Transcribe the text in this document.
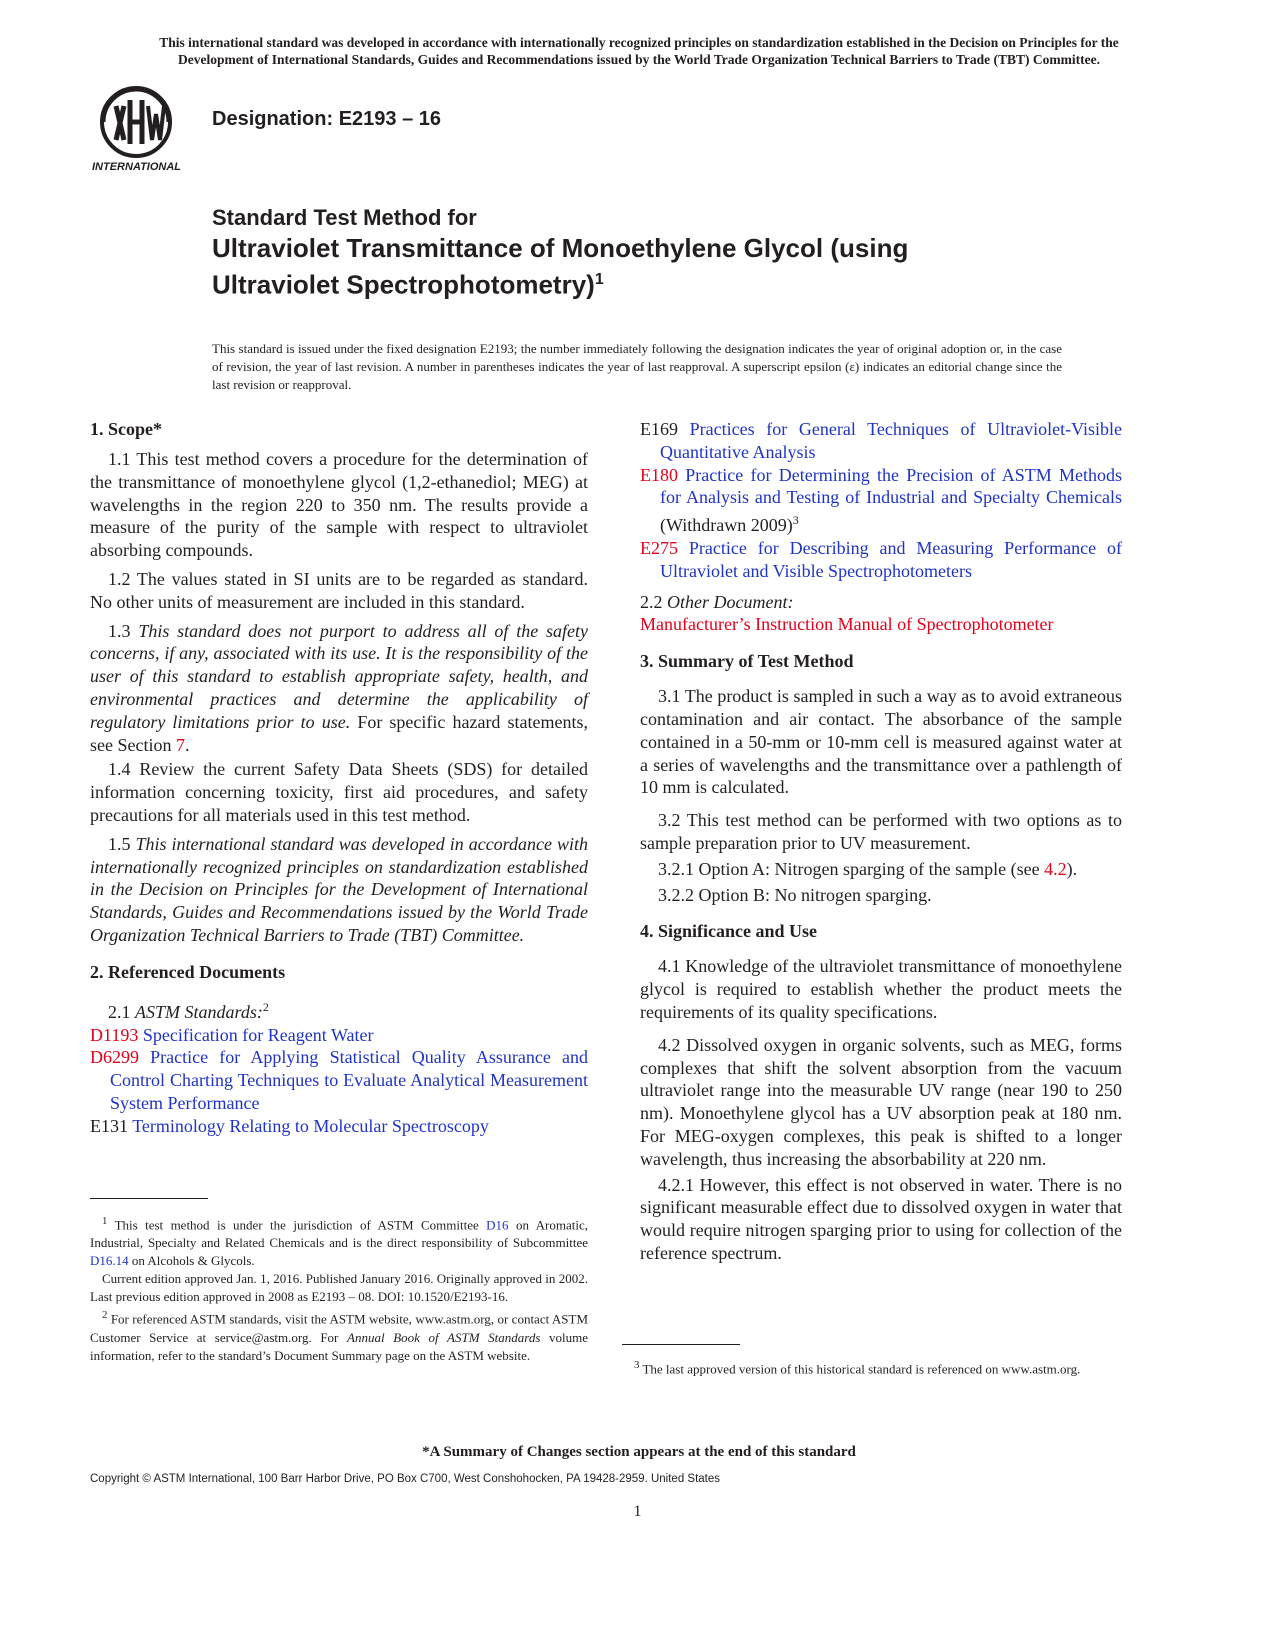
This international standard was developed in accordance with internationally recognized principles on standardization established in the Decision on Principles for the
Development of International Standards, Guides and Recommendations issued by the World Trade Organization Technical Barriers to Trade (TBT) Committee.
INTERNATIONAL
Designation: E2193 – 16
Standard Test Method for
Ultraviolet Transmittance of Monoethylene Glycol (using
Ultraviolet Spectrophotometry)$^1$
This standard is issued under the fixed designation E2193; the number immediately following the designation indicates the year of original adoption or, in the case of revision, the year of last revision. A number in parentheses indicates the year of last reapproval. A superscript epsilon (ε) indicates an editorial change since the last revision or reapproval.
1. Scope*

1.1 This test method covers a procedure for the determination of the transmittance of monoethylene glycol (1,2-ethanediol; MEG) at wavelengths in the region 220 to 350 nm. The results provide a measure of the purity of the sample with respect to ultraviolet absorbing compounds.

1.2 The values stated in SI units are to be regarded as standard. No other units of measurement are included in this standard.

1.3 This standard does not purport to address all of the safety concerns, if any, associated with its use. It is the responsibility of the user of this standard to establish appropriate safety, health, and environmental practices and determine the applicability of regulatory limitations prior to use. For specific hazard statements, see Section 7.

1.4 Review the current Safety Data Sheets (SDS) for detailed information concerning toxicity, first aid procedures, and safety precautions for all materials used in this test method.

1.5 This international standard was developed in accordance with internationally recognized principles on standardization established in the Decision on Principles for the Development of International Standards, Guides and Recommendations issued by the World Trade Organization Technical Barriers to Trade (TBT) Committee.

2. Referenced Documents

2.1 ASTM Standards:$^2$

D1193 Specification for Reagent Water

D6299 Practice for Applying Statistical Quality Assurance and Control Charting Techniques to Evaluate Analytical Measurement System Performance

E131 Terminology Relating to Molecular Spectroscopy

$^1$ This test method is under the jurisdiction of ASTM Committee D16 on Aromatic, Industrial, Specialty and Related Chemicals and is the direct responsibility of Subcommittee D16.14 on Alcohols & Glycols.

Current edition approved Jan. 1, 2016. Published January 2016. Originally approved in 2002. Last previous edition approved in 2008 as E2193 – 08. DOI: 10.1520/E2193-16.

$^2$ For referenced ASTM standards, visit the ASTM website, www.astm.org, or contact ASTM Customer Service at service@astm.org. For Annual Book of ASTM Standards volume information, refer to the standard’s Document Summary page on the ASTM website.

E169 Practices for General Techniques of Ultraviolet-Visible Quantitative Analysis

E180 Practice for Determining the Precision of ASTM Methods for Analysis and Testing of Industrial and Specialty Chemicals (Withdrawn 2009)$^3$

E275 Practice for Describing and Measuring Performance of Ultraviolet and Visible Spectrophotometers

2.2 Other Document:

Manufacturer’s Instruction Manual of Spectrophotometer

3. Summary of Test Method

3.1 The product is sampled in such a way as to avoid extraneous contamination and air contact. The absorbance of the sample contained in a 50-mm or 10-mm cell is measured against water at a series of wavelengths and the transmittance over a pathlength of 10 mm is calculated.

3.2 This test method can be performed with two options as to sample preparation prior to UV measurement.

3.2.1 Option A: Nitrogen sparging of the sample (see 4.2).

3.2.2 Option B: No nitrogen sparging.

4. Significance and Use

4.1 Knowledge of the ultraviolet transmittance of monoethylene glycol is required to establish whether the product meets the requirements of its quality specifications.

4.2 Dissolved oxygen in organic solvents, such as MEG, forms complexes that shift the solvent absorption from the vacuum ultraviolet range into the measurable UV range (near 190 to 250 nm). Monoethylene glycol has a UV absorption peak at 180 nm. For MEG-oxygen complexes, this peak is shifted to a longer wavelength, thus increasing the absorbability at 220 nm.

4.2.1 However, this effect is not observed in water. There is no significant measurable effect due to dissolved oxygen in water that would require nitrogen sparging prior to using for collection of the reference spectrum.

$^3$ The last approved version of this historical standard is referenced on www.astm.org.

*A Summary of Changes section appears at the end of this standard
Copyright © ASTM International, 100 Barr Harbor Drive, PO Box C700, West Conshohocken, PA 19428-2959. United States
1
